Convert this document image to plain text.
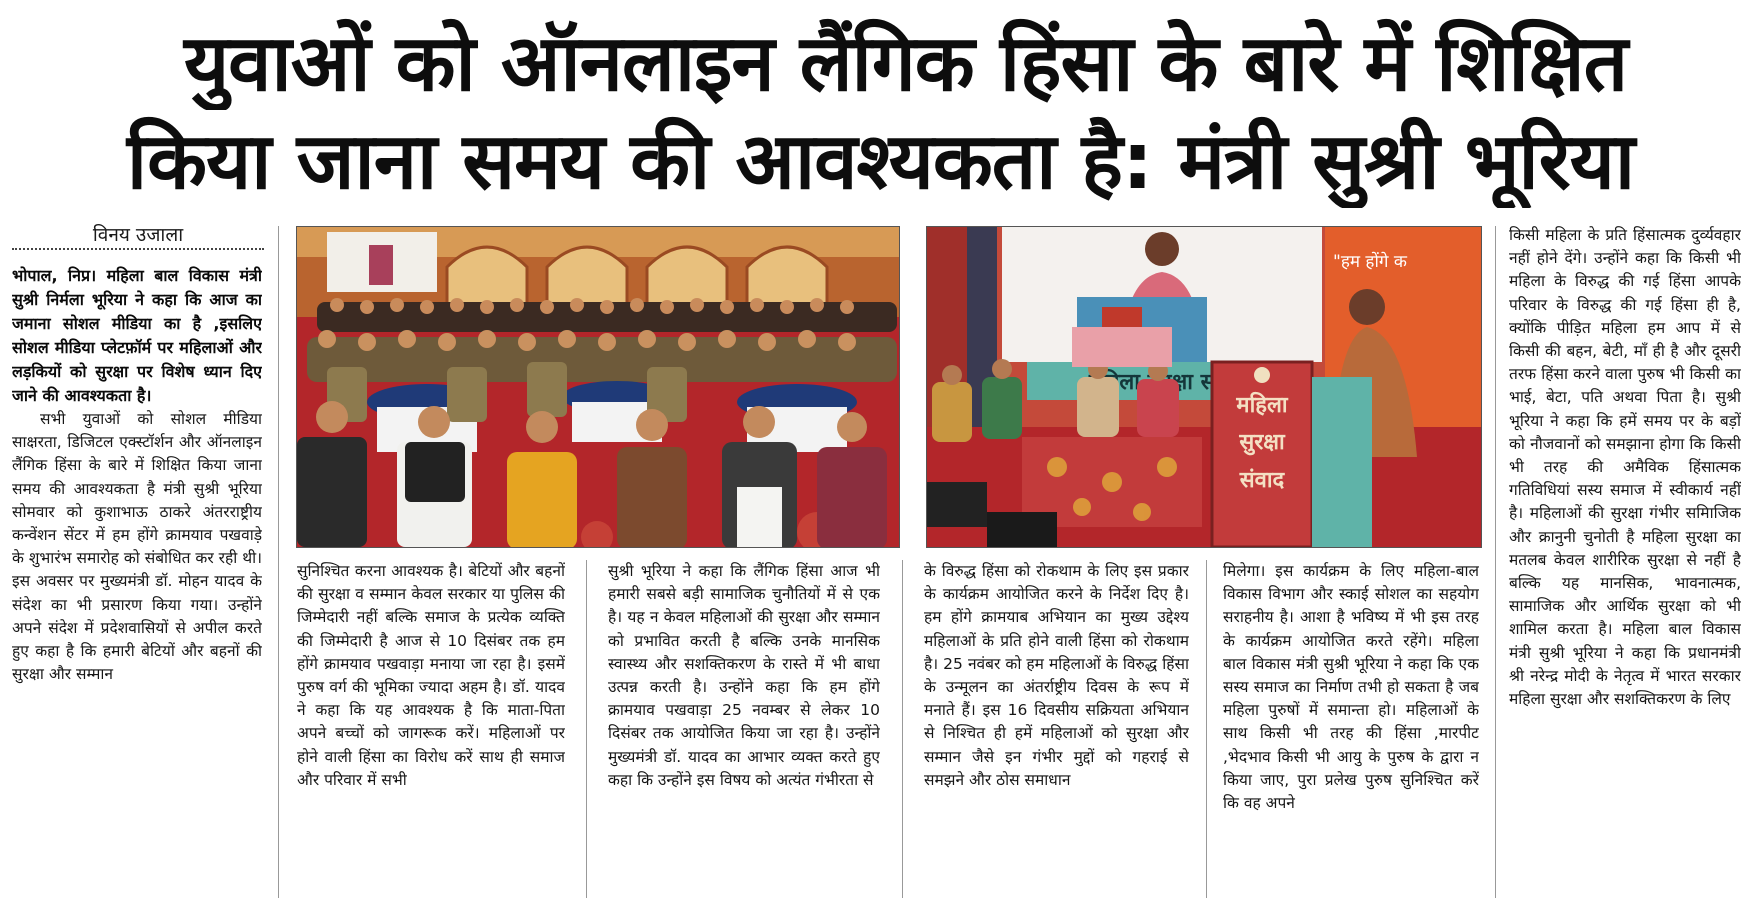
युवाओं को ऑनलाइन लैंगिक हिंसा के बारे में शिक्षित
किया जाना समय की आवश्यकता है: मंत्री सुश्री भूरिया
विनय उजाला

भोपाल, निप्र। महिला बाल विकास मंत्री सुश्री निर्मला भूरिया ने कहा कि आज का जमाना सोशल मीडिया का है ,इसलिए सोशल मीडिया प्लेटफ़ॉर्म पर महिलाओं और लड़कियों को सुरक्षा पर विशेष ध्यान दिए जाने की आवश्यकता है।

सभी युवाओं को सोशल मीडिया साक्षरता, डिजिटल एक्स्टॉर्शन और ऑनलाइन लैंगिक हिंसा के बारे में शिक्षित किया जाना समय की आवश्यकता है मंत्री सुश्री भूरिया सोमवार को कुशाभाऊ ठाकरे अंतरराष्ट्रीय कन्वेंशन सेंटर में हम होंगे क्रामयाव पखवाड़े के शुभारंभ समारोह को संबोधित कर रही थी। इस अवसर पर मुख्यमंत्री डॉ. मोहन यादव के संदेश का भी प्रसारण किया गया। उन्होंने अपने संदेश में प्रदेशवासियों से अपील करते हुए कहा है कि हमारी बेटियों और बहनों की सुरक्षा और सम्मान

"हम होंगे क
महिला
सुरक्षा
संवाद

सुनिश्चित करना आवश्यक है। बेटियों और बहनों की सुरक्षा व सम्मान केवल सरकार या पुलिस की जिम्मेदारी नहीं बल्कि समाज के प्रत्येक व्यक्ति की जिम्मेदारी है आज से 10 दिसंबर तक हम होंगे क्रामयाव पखवाड़ा मनाया जा रहा है। इसमें पुरुष वर्ग की भूमिका ज्यादा अहम है। डॉ. यादव ने कहा कि यह आवश्यक है कि माता-पिता अपने बच्चों को जागरूक करें। महिलाओं पर होने वाली हिंसा का विरोध करें साथ ही समाज और परिवार में सभी

सुश्री भूरिया ने कहा कि लैंगिक हिंसा आज भी हमारी सबसे बड़ी सामाजिक चुनौतियों में से एक है। यह न केवल महिलाओं की सुरक्षा और सम्मान को प्रभावित करती है बल्कि उनके मानसिक स्वास्थ्य और सशक्तिकरण के रास्ते में भी बाधा उत्पन्न करती है। उन्होंने कहा कि हम होंगे क्रामयाव पखवाड़ा 25 नवम्बर से लेकर 10 दिसंबर तक आयोजित किया जा रहा है। उन्होंने मुख्यमंत्री डॉ. यादव का आभार व्यक्त करते हुए कहा कि उन्होंने इस विषय को अत्यंत गंभीरता से

के विरुद्ध हिंसा को रोकथाम के लिए इस प्रकार के कार्यक्रम आयोजित करने के निर्देश दिए है। हम होंगे क्रामयाब अभियान का मुख्य उद्देश्य महिलाओं के प्रति होने वाली हिंसा को रोकथाम है। 25 नवंबर को हम महिलाओं के विरुद्ध हिंसा के उन्मूलन का अंतर्राष्ट्रीय दिवस के रूप में मनाते हैं। इस 16 दिवसीय सक्रियता अभियान से निश्चित ही हमें महिलाओं को सुरक्षा और सम्मान जैसे इन गंभीर मुद्दों को गहराई से समझने और ठोस समाधान

मिलेगा। इस कार्यक्रम के लिए महिला-बाल विकास विभाग और स्काई सोशल का सहयोग सराहनीय है। आशा है भविष्य में भी इस तरह के कार्यक्रम आयोजित करते रहेंगे। महिला बाल विकास मंत्री सुश्री भूरिया ने कहा कि एक सस्य समाज का निर्माण तभी हो सकता है जब महिला पुरुषों में समान्ता हो। महिलाओं के साथ किसी भी तरह की हिंसा ,मारपीट ,भेदभाव किसी भी आयु के पुरुष के द्वारा न किया जाए, पुरा प्रलेख पुरुष सुनिश्चित करें कि वह अपने

किसी महिला के प्रति हिंसात्मक दुर्व्यवहार नहीं होने देंगे। उन्होंने कहा कि किसी भी महिला के विरुद्ध की गई हिंसा आपके परिवार के विरुद्ध की गई हिंसा ही है, क्योंकि पीड़ित महिला हम आप में से किसी की बहन, बेटी, मॉं ही है और दूसरी तरफ हिंसा करने वाला पुरुष भी किसी का भाई, बेटा, पति अथवा पिता है। सुश्री भूरिया ने कहा कि हमें समय पर के बड़ों को नौजवानों को समझाना होगा कि किसी भी तरह की अमैविक हिंसात्मक गतिविधियां सस्य समाज में स्वीकार्य नहीं है। महिलाओं की सुरक्षा गंभीर समिाजिक और क्रानुनी चुनोती है महिला सुरक्षा का मतलब केवल शारीरिक सुरक्षा से नहीं है बल्कि यह मानसिक, भावनात्मक, सामाजिक और आर्थिक सुरक्षा को भी शामिल करता है। महिला बाल विकास मंत्री सुश्री भूरिया ने कहा कि प्रधानमंत्री श्री नरेन्द्र मोदी के नेतृत्व में भारत सरकार महिला सुरक्षा और सशक्तिकरण के लिए
